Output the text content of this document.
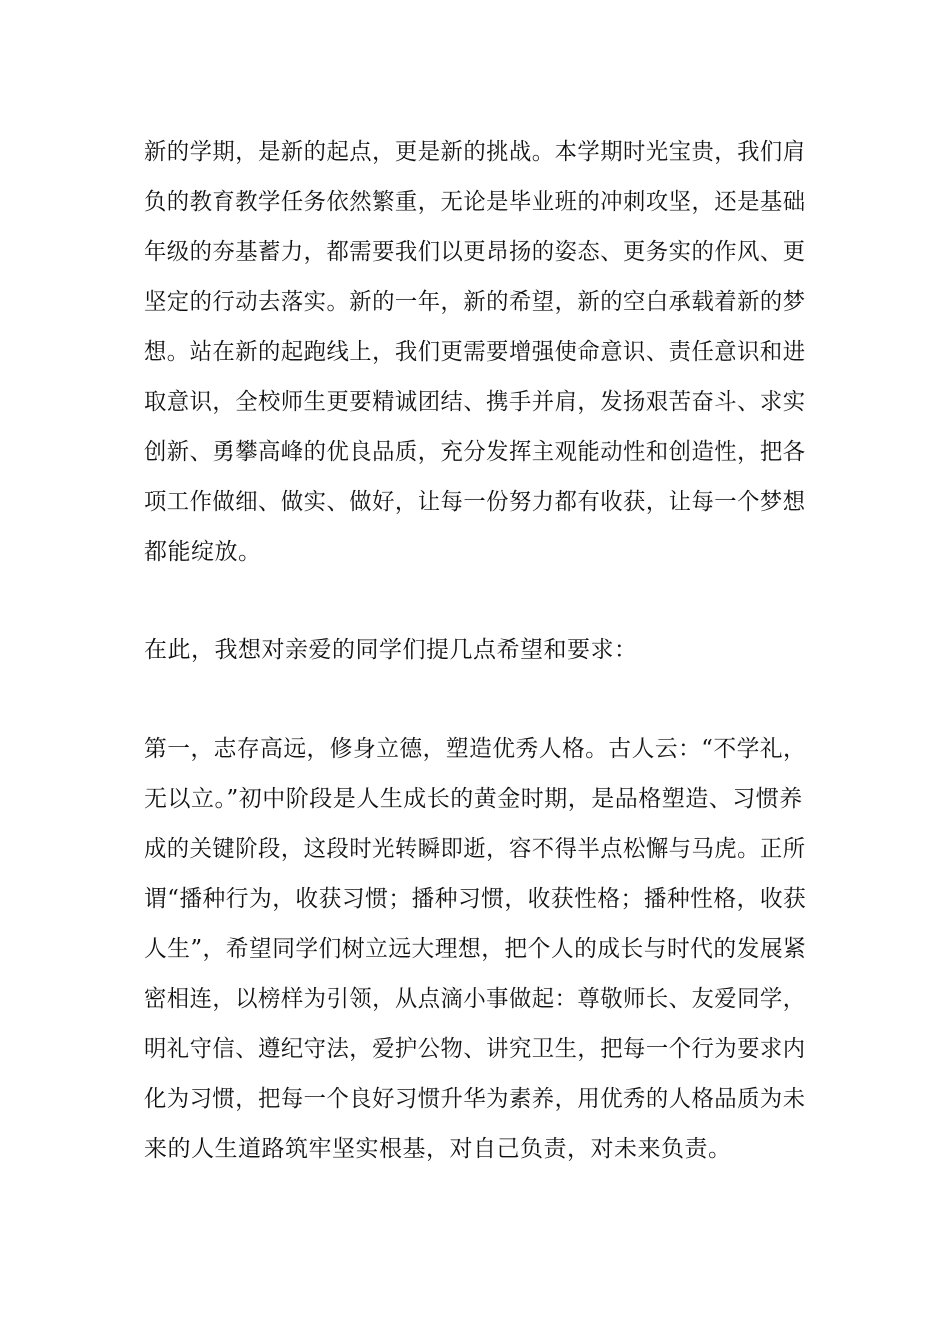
新的学期，是新的起点，更是新的挑战。本学期时光宝贵，我们肩
负的教育教学任务依然繁重，无论是毕业班的冲刺攻坚，还是基础
年级的夯基蓄力，都需要我们以更昂扬的姿态、更务实的作风、更
坚定的行动去落实。新的一年，新的希望，新的空白承载着新的梦
想。站在新的起跑线上，我们更需要增强使命意识、责任意识和进
取意识，全校师生更要精诚团结、携手并肩，发扬艰苦奋斗、求实
创新、勇攀高峰的优良品质，充分发挥主观能动性和创造性，把各
项工作做细、做实、做好，让每一份努力都有收获，让每一个梦想
都能绽放。
在此，我想对亲爱的同学们提几点希望和要求：
第一，志存高远，修身立德，塑造优秀人格。古人云：“不学礼，
无以立。”初中阶段是人生成长的黄金时期，是品格塑造、习惯养
成的关键阶段，这段时光转瞬即逝，容不得半点松懈与马虎。正所
谓“播种行为，收获习惯；播种习惯，收获性格；播种性格，收获
人生”，希望同学们树立远大理想，把个人的成长与时代的发展紧
密相连，以榜样为引领，从点滴小事做起：尊敬师长、友爱同学，
明礼守信、遵纪守法，爱护公物、讲究卫生，把每一个行为要求内
化为习惯，把每一个良好习惯升华为素养，用优秀的人格品质为未
来的人生道路筑牢坚实根基，对自己负责，对未来负责。
